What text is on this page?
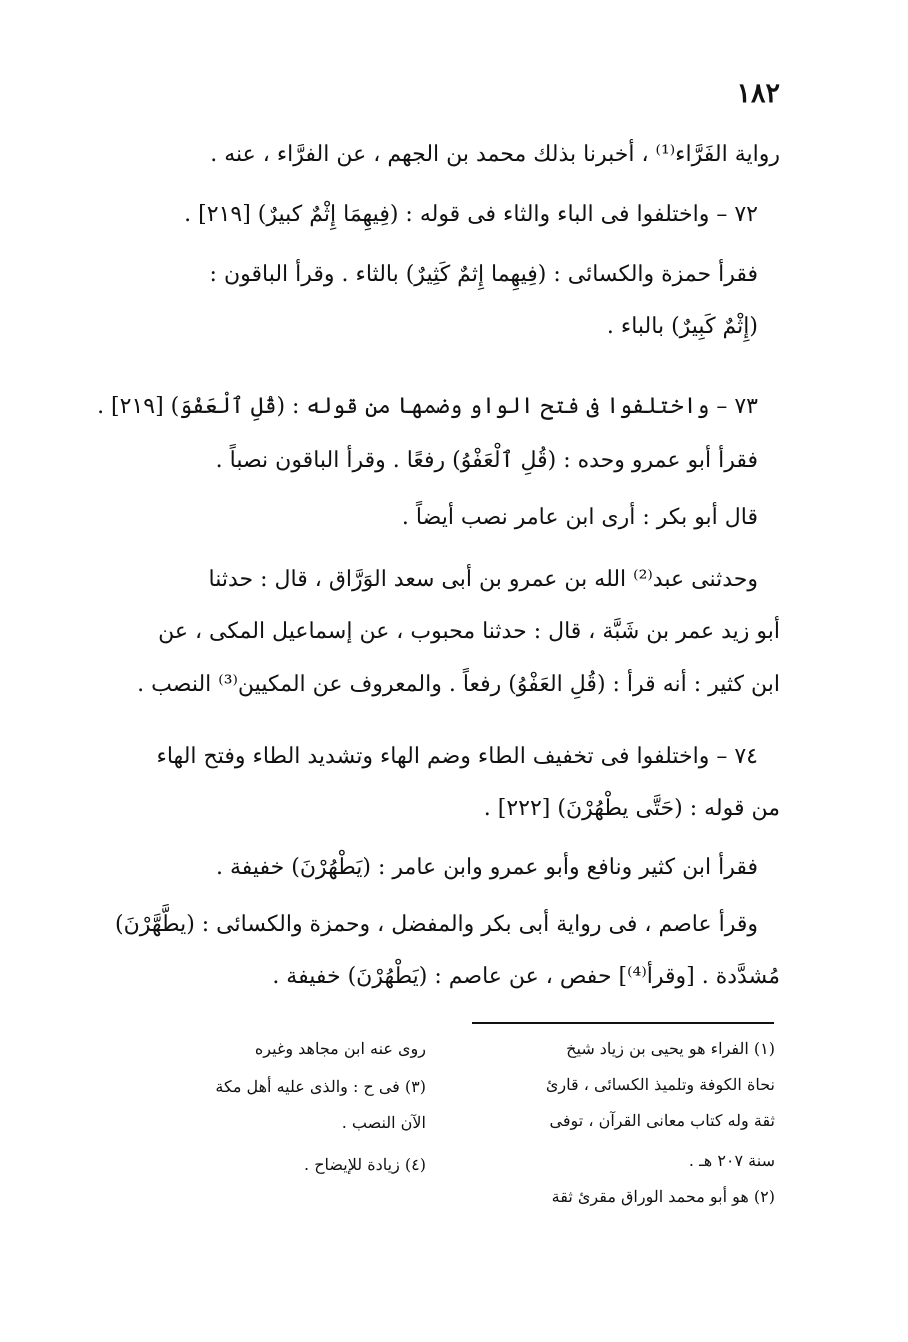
١٨٢
رواية الفَرَّاء⁽¹⁾ ، أخبرنا بذلك محمد بن الجهم ، عن الفرَّاء ، عنه .
٧٢ – واختلفوا فى الباء والثاء فى قوله : (فِيهِمَا إِثْمٌ كبيرٌ) [٢١٩] .
فقرأ حمزة والكسائى : (فِيهِما إِثمٌ كَثِيرٌ) بالثاء . وقرأ الباقون :
(إِثْمٌ كَبِيرٌ) بالباء .
٧٣ – واختلفوا فى فتح الواو وضمها من قوله : (قُلِ ٱلْعَفْوَ) [٢١٩] .
فقرأ أبو عمرو وحده : (قُلِ ٱلْعَفْوُ) رفعًا . وقرأ الباقون نصباً .
قال أبو بكر : أرى ابن عامر نصب أيضاً .
وحدثنى عبد⁽²⁾ الله بن عمرو بن أبى سعد الوَرَّاق ، قال : حدثنا
أبو زيد عمر بن شَبَّة ، قال : حدثنا محبوب ، عن إسماعيل المكى ، عن
ابن كثير : أنه قرأ : (قُلِ العَفْوُ) رفعاً . والمعروف عن المكيين⁽³⁾ النصب .
٧٤ – واختلفوا فى تخفيف الطاء وضم الهاء وتشديد الطاء وفتح الهاء
من قوله : (حَتَّى يطْهُرْنَ) [٢٢٢] .
فقرأ ابن كثير ونافع وأبو عمرو وابن عامر : (يَطْهُرْنَ) خفيفة .
وقرأ عاصم ، فى رواية أبى بكر والمفضل ، وحمزة والكسائى : (يطَّهَّرْنَ)
مُشدَّدة . [وقرأ⁽⁴⁾] حفص ، عن عاصم : (يَطْهُرْنَ) خفيفة .
(١) الفراء هو يحيى بن زياد شيخ
نحاة الكوفة وتلميذ الكسائى ، قارئ
ثقة وله كتاب معانى القرآن ، توفى
سنة ٢٠٧ هـ .
(٢) هو أبو محمد الوراق مقرئ ثقة
روى عنه ابن مجاهد وغيره
(٣) فى ح : والذى عليه أهل مكة
الآن النصب .
(٤) زيادة للإيضاح .
